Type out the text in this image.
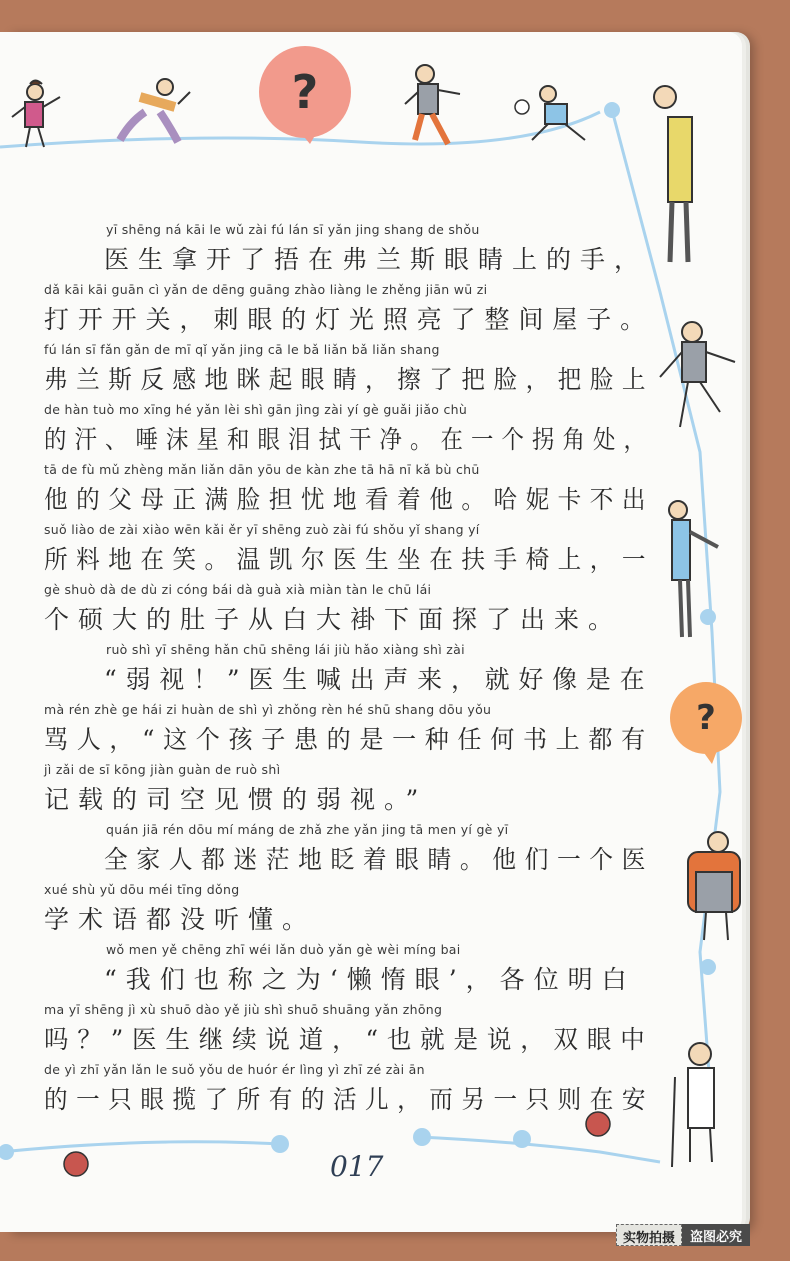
?
?
yī shēng ná kāi le wǔ zài fú lán sī yǎn jing shang de shǒu
医生拿开了捂在弗兰斯眼睛上的手，
dǎ kāi kāi guān cì yǎn de dēng guāng zhào liàng le zhěng jiān wū zi
打开开关，刺眼的灯光照亮了整间屋子。
fú lán sī fǎn gǎn de mī qǐ yǎn jing cā le bǎ liǎn bǎ liǎn shang
弗兰斯反感地眯起眼睛，擦了把脸，把脸上
de hàn tuò mo xīng hé yǎn lèi shì gān jìng zài yí gè guǎi jiǎo chù
的汗、唾沫星和眼泪拭干净。在一个拐角处，
tā de fù mǔ zhèng mǎn liǎn dān yōu de kàn zhe tā hā nī kǎ bù chū
他的父母正满脸担忧地看着他。哈妮卡不出
suǒ liào de zài xiào wēn kǎi ěr yī shēng zuò zài fú shǒu yǐ shang yí
所料地在笑。温凯尔医生坐在扶手椅上，一
gè shuò dà de dù zi cóng bái dà guà xià miàn tàn le chū lái
个硕大的肚子从白大褂下面探了出来。
ruò shì yī shēng hǎn chū shēng lái jiù hǎo xiàng shì zài
“弱视！”医生喊出声来，就好像是在
mà rén zhè ge hái zi huàn de shì yì zhǒng rèn hé shū shang dōu yǒu
骂人，“这个孩子患的是一种任何书上都有
jì zǎi de sī kōng jiàn guàn de ruò shì
记载的司空见惯的弱视。”
quán jiā rén dōu mí máng de zhǎ zhe yǎn jing tā men yí gè yī
全家人都迷茫地眨着眼睛。他们一个医
xué shù yǔ dōu méi tīng dǒng
学术语都没听懂。
wǒ men yě chēng zhī wéi lǎn duò yǎn gè wèi míng bai
“我们也称之为‘懒惰眼’，各位明白
ma yī shēng jì xù shuō dào yě jiù shì shuō shuāng yǎn zhōng
吗？”医生继续说道，“也就是说，双眼中
de yì zhī yǎn lǎn le suǒ yǒu de huór ér lìng yì zhī zé zài ān
的一只眼揽了所有的活儿，而另一只则在安
017
实物拍摄	盗图必究
